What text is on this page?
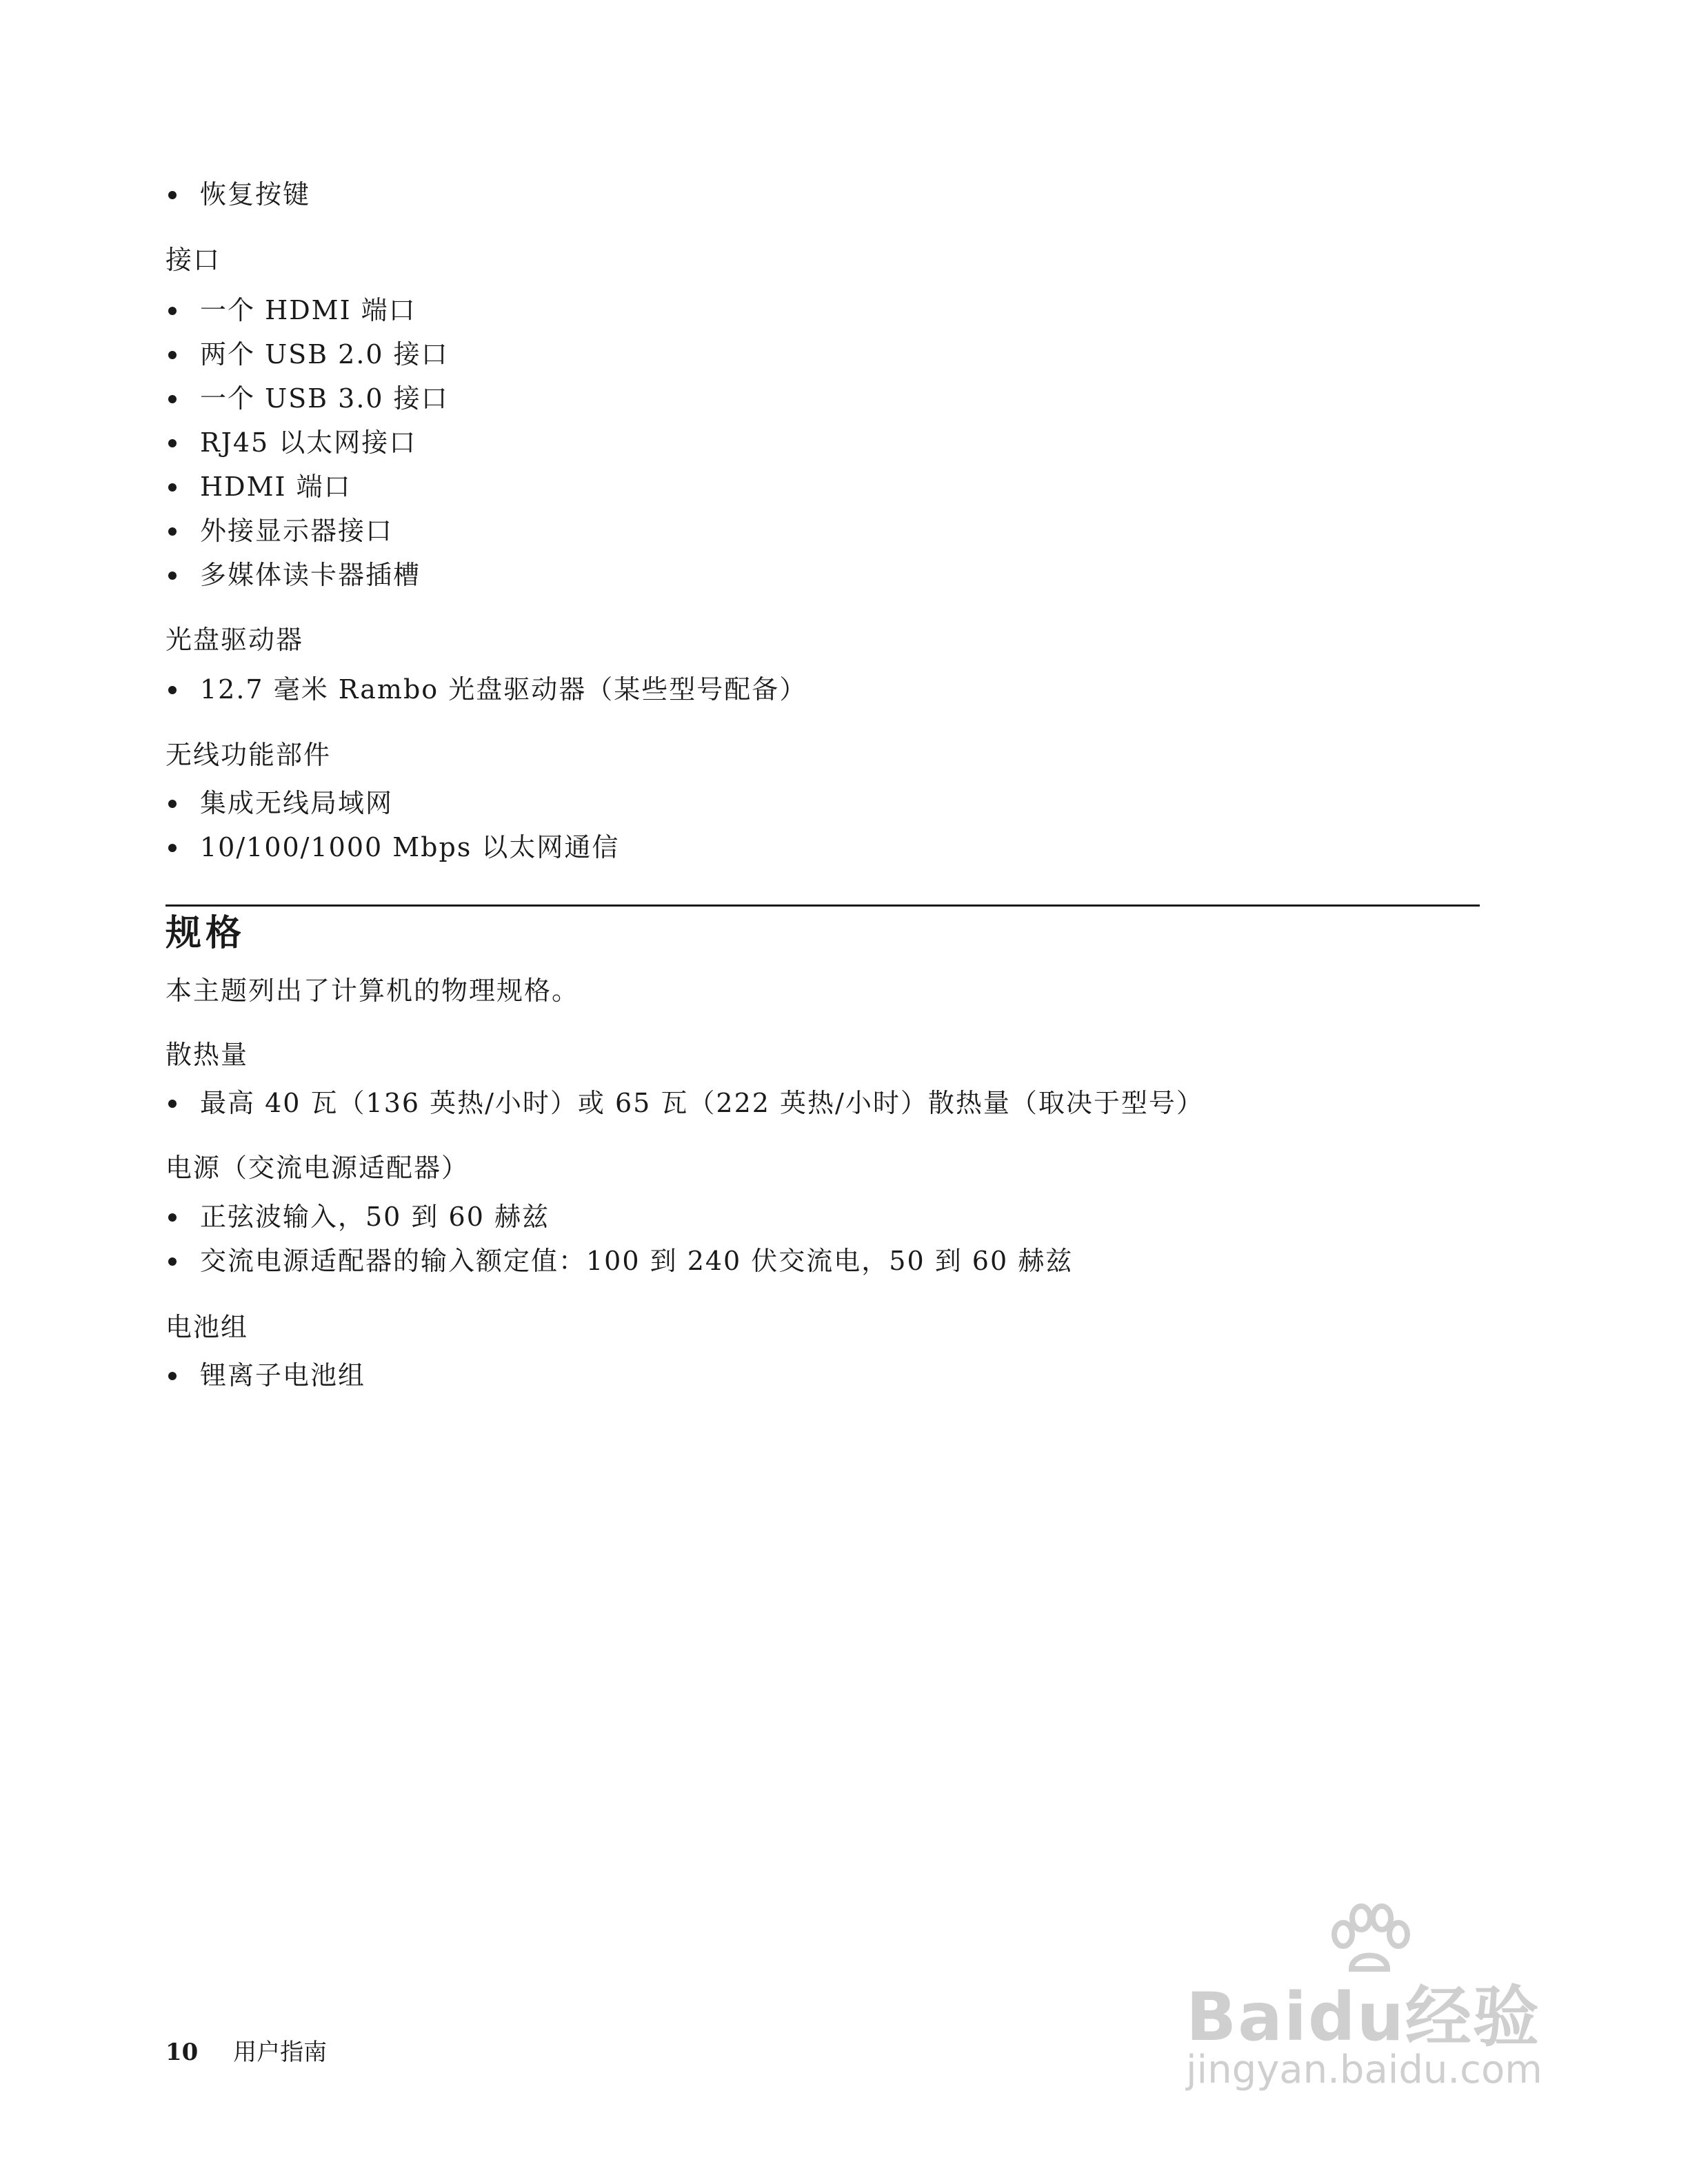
恢复按键

接口

一个 HDMI 端口
两个 USB 2.0 接口
一个 USB 3.0 接口
RJ45 以太网接口
HDMI 端口
外接显示器接口
多媒体读卡器插槽

光盘驱动器

12.7 毫米 Rambo 光盘驱动器（某些型号配备）

无线功能部件

集成无线局域网
10/100/1000 Mbps 以太网通信

本主题列出了计算机的物理规格。

散热量

最高 40 瓦（136 英热/小时）或 65 瓦（222 英热/小时）散热量（取决于型号）

电源（交流电源适配器）

正弦波输入，50 到 60 赫兹
交流电源适配器的输入额定值：100 到 240 伏交流电，50 到 60 赫兹

电池组

锂离子电池组
规格
10 用户指南	Baidu经验
jingyan.baidu.com
